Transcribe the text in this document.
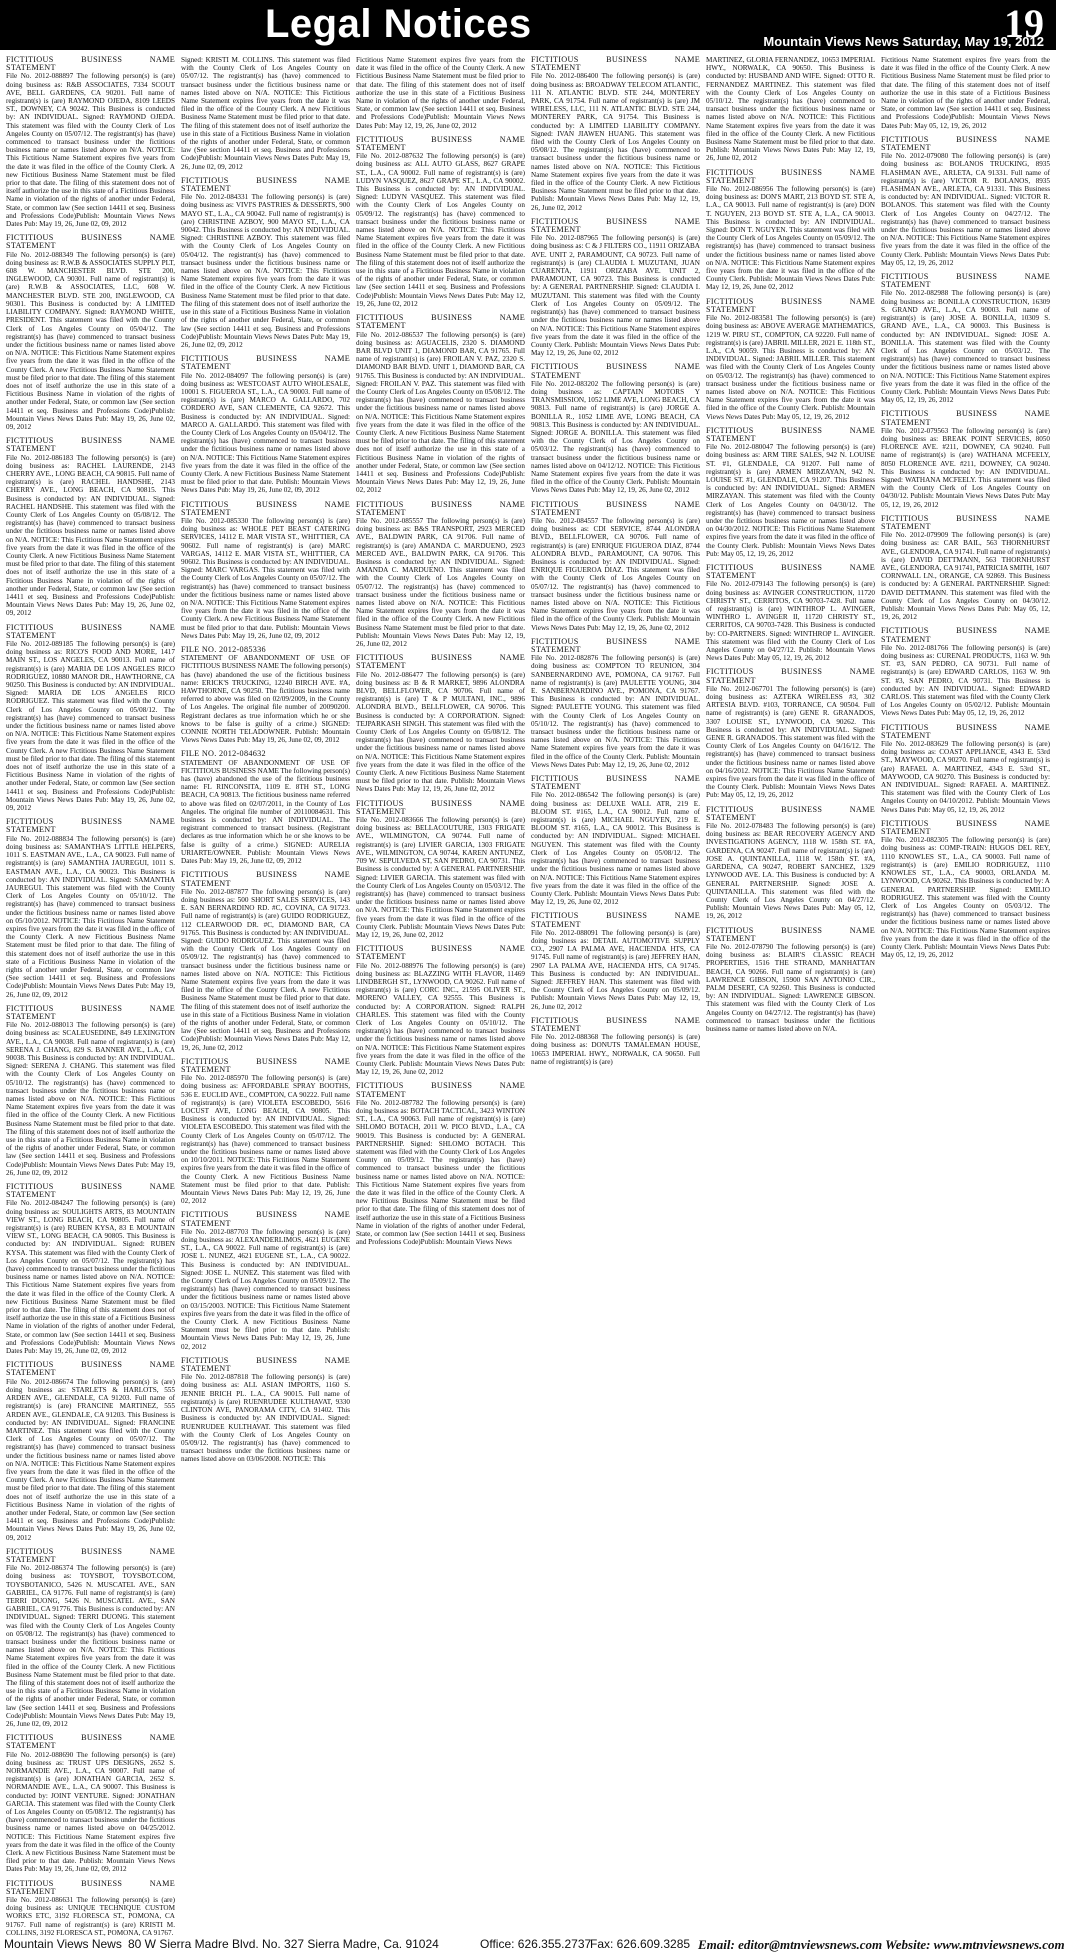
Legal Notices	19
Mountain Views News Saturday, May 19, 2012
FICTITIOUS BUSINESS NAME STATEMENT
File No. 2012-088897 The following person(s) is (are) doing business as: R&B ASSOCIATES, 7334 SCOUT AVE, BELL GARDENS, CA 90201. Full name of registrant(s) is (are) RAYMOND OJEDA, 8109 LEEDS ST., DOWNEY, CA 90242. This Business is conducted by: AN INDIVIDUAL. Signed: RAYMOND OJEDA. This statement was filed with the County Clerk of Los Angeles County on 05/07/12. The registrant(s) has (have) commenced to transact business under the fictitious business name or names listed above on N/A. NOTICE: This Fictitious Name Statement expires five years from the date it was filed in the office of the County Clerk. A new Fictitious Business Name Statement must be filed prior to that date. The filing of this statement does not of itself authorize the use in this state of a Fictitious Business Name in violation of the rights of another under Federal, State, or common law (See section 14411 et seq. Business and Professions Code)Publish: Mountain Views News Dates Pub: May 19, 26, June 02, 09, 2012
FICTITIOUS BUSINESS NAME STATEMENT
File No. 2012-088349 The following person(s) is (are) doing business as: R.W.B & ASSOCIATES SUPPLY PLT, 608 W. MANCHESTER BLVD. STE 200, INGLEWOOD, CA 90301. Full name of registrant(s) is (are) R.W.B & ASSOCIATES, LLC, 608 W. MANCHESTER BLVD. STE 200, INGLEWOOD, CA 90301. This Business is conducted by: A LIMITED LIABILITY COMPANY. Signed: RAYMOND WHITE, PRESIDENT. This statement was filed with the County Clerk of Los Angeles County on 05/04/12. The registrant(s) has (have) commenced to transact business under the fictitious business name or names listed above on N/A. NOTICE: This Fictitious Name Statement expires five years from the date it was filed in the office of the County Clerk. A new Fictitious Business Name Statement must be filed prior to that date. The filing of this statement does not of itself authorize the use in this state of a Fictitious Business Name in violation of the rights of another under Federal, State, or common law (See section 14411 et seq. Business and Professions Code)Publish: Mountain Views News Dates Pub: May 19, 26, June 02, 09, 2012
FICTITIOUS BUSINESS NAME STATEMENT
File No. 2012-086183 The following person(s) is (are) doing business as: RACHEL LAURENDE, 2143 CHERRY AVE., LONG BEACH, CA 90815. Full name of registrant(s) is (are) RACHEL HANDSHE, 2143 CHERRY AVE., LONG BEACH, CA 90815. This Business is conducted by: AN INDIVIDUAL. Signed: RACHEL HANDSHE. This statement was filed with the County Clerk of Los Angeles County on 05/08/12. The registrant(s) has (have) commenced to transact business under the fictitious business name or names listed above on N/A. NOTICE: This Fictitious Name Statement expires five years from the date it was filed in the office of the County Clerk. A new Fictitious Business Name Statement must be filed prior to that date. The filing of this statement does not of itself authorize the use in this state of a Fictitious Business Name in violation of the rights of another under Federal, State, or common law (See section 14411 et seq. Business and Professions Code)Publish: Mountain Views News Dates Pub: May 19, 26, June 02, 09, 2012
FICTITIOUS BUSINESS NAME STATEMENT
File No. 2012-089185 The following person(s) is (are) doing business as: RICO'S FOOD AND MORE, 1417 MAIN ST., LOS ANGELES, CA 90013. Full name of registrant(s) is (are) MARIA DE LOS ANGELES RICO RODRIGUEZ, 10880 MANOR DR., HAWTHORNE, CA 90250. This Business is conducted by: AN INDIVIDUAL. Signed: MARIA DE LOS ANGELES RICO RODRIGUEZ. This statement was filed with the County Clerk of Los Angeles County on 05/08/12. The registrant(s) has (have) commenced to transact business under the fictitious business name or names listed above on N/A. NOTICE: This Fictitious Name Statement expires five years from the date it was filed in the office of the County Clerk. A new Fictitious Business Name Statement must be filed prior to that date. The filing of this statement does not of itself authorize the use in this state of a Fictitious Business Name in violation of the rights of another under Federal, State, or common law (See section 14411 et seq. Business and Professions Code)Publish: Mountain Views News Dates Pub: May 19, 26, June 02, 09, 2012
FICTITIOUS BUSINESS NAME STATEMENT
File No. 2012-088834 The following person(s) is (are) doing business as: SAMANTHA'S LITTLE HELPERS, 1011 S. EASTMAN AVE., L.A., CA 90023. Full name of registrant(s) is (are) SAMANTHA JAUREGUI, 1011 S. EASTMAN AVE., L.A., CA 90023. This Business is conducted by: AN INDIVIDUAL. Signed: SAMANTHA JAUREGUI. This statement was filed with the County Clerk of Los Angeles County on 05/10/12. The registrant(s) has (have) commenced to transact business under the fictitious business name or names listed above on 05/10/2012. NOTICE: This Fictitious Name Statement expires five years from the date it was filed in the office of the County Clerk. A new Fictitious Business Name Statement must be filed prior to that date. The filing of this statement does not of itself authorize the use in this state of a Fictitious Business Name in violation of the rights of another under Federal, State, or common law (See section 14411 et seq. Business and Professions Code)Publish: Mountain Views News Dates Pub: May 19, 26, June 02, 09, 2012
FICTITIOUS BUSINESS NAME STATEMENT
File No. 2012-088013 The following person(s) is (are) doing business as: SCALEUSEDINE, 849 LEXINGTON AVE., L.A., CA 90038. Full name of registrant(s) is (are) SERENA J. CHANG, 829 S. BANNER AVE., L.A., CA 90038. This Business is conducted by: AN INDIVIDUAL. Signed: SERENA J. CHANG. This statement was filed with the County Clerk of Los Angeles County on 05/10/12. The registrant(s) has (have) commenced to transact business under the fictitious business name or names listed above on N/A. NOTICE: This Fictitious Name Statement expires five years from the date it was filed in the office of the County Clerk. A new Fictitious Business Name Statement must be filed prior to that date. The filing of this statement does not of itself authorize the use in this state of a Fictitious Business Name in violation of the rights of another under Federal, State, or common law (See section 14411 et seq. Business and Professions Code)Publish: Mountain Views News Dates Pub: May 19, 26, June 02, 09, 2012
FICTITIOUS BUSINESS NAME STATEMENT
File No. 2012-084247 The following person(s) is (are) doing business as: SOULIGHTS ARTS, 83 MOUNTAIN VIEW ST., LONG BEACH, CA 90805. Full name of registrant(s) is (are) RUBEN KYSA, 83 E MOUNTAIN VIEW ST., LONG BEACH, CA 90805. This Business is conducted by: AN INDIVIDUAL. Signed: RUBEN KYSA. This statement was filed with the County Clerk of Los Angeles County on 05/07/12. The registrant(s) has (have) commenced to transact business under the fictitious business name or names listed above on N/A. NOTICE: This Fictitious Name Statement expires five years from the date it was filed in the office of the County Clerk. A new Fictitious Business Name Statement must be filed prior to that date. The filing of this statement does not of itself authorize the use in this state of a Fictitious Business Name in violation of the rights of another under Federal, State, or common law (See section 14411 et seq. Business and Professions Code)Publish: Mountain Views News Dates Pub: May 19, 26, June 02, 09, 2012
FICTITIOUS BUSINESS NAME STATEMENT
File No. 2012-086674 The following person(s) is (are) doing business as: STARLETS & HARLOTS, 555 ARDEN AVE., GLENDALE, CA 91203. Full name of registrant(s) is (are) FRANCINE MARTINEZ, 555 ARDEN AVE., GLENDALE, CA 91203. This Business is conducted by: AN INDIVIDUAL. Signed: FRANCINE MARTINEZ. This statement was filed with the County Clerk of Los Angeles County on 05/07/12. The registrant(s) has (have) commenced to transact business under the fictitious business name or names listed above on N/A. NOTICE: This Fictitious Name Statement expires five years from the date it was filed in the office of the County Clerk. A new Fictitious Business Name Statement must be filed prior to that date. The filing of this statement does not of itself authorize the use in this state of a Fictitious Business Name in violation of the rights of another under Federal, State, or common law (See section 14411 et seq. Business and Professions Code)Publish: Mountain Views News Dates Pub: May 19, 26, June 02, 09, 2012
FICTITIOUS BUSINESS NAME STATEMENT
File No. 2012-086374 The following person(s) is (are) doing business as: TOYSBOT, TOYSBOT.COM, TOYSBOTANICO, 5426 N. MUSCATEL AVE., SAN GABRIEL, CA 91776. Full name of registrant(s) is (are) TERRI DUONG, 5426 N. MUSCATEL AVE., SAN GABRIEL, CA 91776. This Business is conducted by: AN INDIVIDUAL. Signed: TERRI DUONG. This statement was filed with the County Clerk of Los Angeles County on 05/08/12. The registrant(s) has (have) commenced to transact business under the fictitious business name or names listed above on N/A. NOTICE: This Fictitious Name Statement expires five years from the date it was filed in the office of the County Clerk. A new Fictitious Business Name Statement must be filed prior to that date. The filing of this statement does not of itself authorize the use in this state of a Fictitious Business Name in violation of the rights of another under Federal, State, or common law (See section 14411 et seq. Business and Professions Code)Publish: Mountain Views News Dates Pub: May 19, 26, June 02, 09, 2012
FICTITIOUS BUSINESS NAME STATEMENT
File No. 2012-088690 The following person(s) is (are) doing business as: TRUST UPS DESIGNS, 2652 S. NORMANDIE AVE., L.A., CA 90007. Full name of registrant(s) is (are) JONATHAN GARCIA, 2652 S. NORMANDIE AVE., L.A., CA 90007. This Business is conducted by: JOINT VENTURE. Signed: JONATHAN GARCIA. This statement was filed with the County Clerk of Los Angeles County on 05/08/12. The registrant(s) has (have) commenced to transact business under the fictitious business name or names listed above on 04/25/2012. NOTICE: This Fictitious Name Statement expires five years from the date it was filed in the office of the County Clerk. A new Fictitious Business Name Statement must be filed prior to that date. Publish: Mountain Views News Dates Pub: May 19, 26, June 02, 09, 2012
FICTITIOUS BUSINESS NAME STATEMENT
File No. 2012-086631 The following person(s) is (are) doing business as: UNIQUE TECHNIQUE CUSTOM WORKS ETC, 3192 FLORESCA ST., POMONA, CA 91767. Full name of registrant(s) is (are) KRISTI M. COLLINS, 3192 FLORESCA ST., POMONA, CA 91767.
Signed: KRISTI M. COLLINS. This statement was filed with the County Clerk of Los Angeles County on 05/07/12. The registrant(s) has (have) commenced to transact business under the fictitious business name or names listed above on N/A. NOTICE: This Fictitious Name Statement expires five years from the date it was filed in the office of the County Clerk. A new Fictitious Business Name Statement must be filed prior to that date. The filing of this statement does not of itself authorize the use in this state of a Fictitious Business Name in violation of the rights of another under Federal, State, or common law (See section 14411 et seq. Business and Professions Code)Publish: Mountain Views News Dates Pub: May 19, 26, June 02, 09, 2012
FICTITIOUS BUSINESS NAME STATEMENT
File No. 2012-084331 The following person(s) is (are) doing business as: VIVI'S PASTRIES & DESSERTS, 900 MAYO ST., L.A., CA 90042. Full name of registrant(s) is (are) CHRISTINE AZBOY, 900 MAYO ST., L.A., CA 90042. This Business is conducted by: AN INDIVIDUAL. Signed: CHRISTINE AZBOY. This statement was filed with the County Clerk of Los Angeles County on 05/04/12. The registrant(s) has (have) commenced to transact business under the fictitious business name or names listed above on N/A. NOTICE: This Fictitious Name Statement expires five years from the date it was filed in the office of the County Clerk. A new Fictitious Business Name Statement must be filed prior to that date. The filing of this statement does not of itself authorize the use in this state of a Fictitious Business Name in violation of the rights of another under Federal, State, or common law (See section 14411 et seq. Business and Professions Code)Publish: Mountain Views News Dates Pub: May 19, 26, June 02, 09, 2012
FICTITIOUS BUSINESS NAME STATEMENT
File No. 2012-084097 The following person(s) is (are) doing business as: WESTCOAST AUTO WHOLESALE, 10001 S. FIGUEROA ST., L.A., CA 90003. Full name of registrant(s) is (are) MARCO A. GALLARDO, 702 CORDERO AVE, SAN CLEMENTE, CA 92672. This Business is conducted by: AN INDIVIDUAL. Signed: MARCO A. GALLARDO. This statement was filed with the County Clerk of Los Angeles County on 05/04/12. The registrant(s) has (have) commenced to transact business under the fictitious business name or names listed above on N/A. NOTICE: This Fictitious Name Statement expires five years from the date it was filed in the office of the County Clerk. A new Fictitious Business Name Statement must be filed prior to that date. Publish: Mountain Views News Dates Pub: May 19, 26, June 02, 09, 2012
FICTITIOUS BUSINESS NAME STATEMENT
File No. 2012-085330 The following person(s) is (are) doing business as: WHOLE PET BEAST CATERING SERVICES, 14112 E. MAR VISTA ST., WHITTIER, CA 90602. Full name of registrant(s) is (are) MARC VARGAS, 14112 E. MAR VISTA ST., WHITTIER, CA 90602. This Business is conducted by: AN INDIVIDUAL. Signed: MARC VARGAS. This statement was filed with the County Clerk of Los Angeles County on 05/07/12. The registrant(s) has (have) commenced to transact business under the fictitious business name or names listed above on N/A. NOTICE: This Fictitious Name Statement expires five years from the date it was filed in the office of the County Clerk. A new Fictitious Business Name Statement must be filed prior to that date. Publish: Mountain Views News Dates Pub: May 19, 26, June 02, 09, 2012
FILE NO. 2012-085336
STATEMENT OF ABANDONMENT OF USE OF FICTITIOUS BUSINESS NAME The following person(s) has (have) abandoned the use of the fictitious business name: ERICK'S TRUCKING, 12240 BIRCH AVE. #A, HAWTHORNE, CA 90250. The fictitious business name referred to above was filed on 02/09/2009, in the County of Los Angeles. The original file number of 20090200. Registrant declares as true information which he or she knows to be false is guilty of a crime.) SIGNED: CONNIE NORTH TELADOWNER. Publish: Mountain Views News Dates Pub: May 19, 26, June 02, 09, 2012
FILE NO. 2012-084632
STATEMENT OF ABANDONMENT OF USE OF FICTITIOUS BUSINESS NAME The following person(s) has (have) abandoned the use of the fictitious business name: FL RINCONSITA, 1109 E. 8TH ST., LONG BEACH, CA 90813. The fictitious business name referred to above was filed on 02/07/2011, in the County of Los Angeles. The original file number of 20110084631. This business is conducted by: AN INDIVIDUAL. The registrant commenced to transact business. (Registrant declares as true information which he or she knows to be false is guilty of a crime.) SIGNED: AURELIA URIARTE/OWNER. Publish: Mountain Views News Dates Pub: May 19, 26, June 02, 09, 2012
FICTITIOUS BUSINESS NAME STATEMENT
File No. 2012-087877 The following person(s) is (are) doing business as: 500 SHORT SALES SERVICES, 143 E. SAN BERNARDINO RD. #C, COVINA, CA 91723. Full name of registrant(s) is (are) GUIDO RODRIGUEZ, 112 CLEARWOOD DR. #C, DIAMOND BAR, CA 91765. This Business is conducted by: AN INDIVIDUAL. Signed: GUIDO RODRIGUEZ. This statement was filed with the County Clerk of Los Angeles County on 05/09/12. The registrant(s) has (have) commenced to transact business under the fictitious business name or names listed above on N/A. NOTICE: This Fictitious Name Statement expires five years from the date it was filed in the office of the County Clerk. A new Fictitious Business Name Statement must be filed prior to that date. The filing of this statement does not of itself authorize the use in this state of a Fictitious Business Name in violation of the rights of another under Federal, State, or common law (See section 14411 et seq. Business and Professions Code)Publish: Mountain Views News Dates Pub: May 12, 19, 26, June 02, 2012
FICTITIOUS BUSINESS NAME STATEMENT
File No. 2012-085970 The following person(s) is (are) doing business as: AFFORDABLE SPRAY BOOTHS, 536 E. EUCLID AVE., COMPTON, CA 90222. Full name of registrant(s) is (are) VIOLETA ESCOBEDO, 5616 LOCUST AVE, LONG BEACH, CA 90805. This Business is conducted by: AN INDIVIDUAL. Signed: VIOLETA ESCOBEDO. This statement was filed with the County Clerk of Los Angeles County on 05/07/12. The registrant(s) has (have) commenced to transact business under the fictitious business name or names listed above on 10/10/2011. NOTICE: This Fictitious Name Statement expires five years from the date it was filed in the office of the County Clerk. A new Fictitious Business Name Statement must be filed prior to that date. Publish: Mountain Views News Dates Pub: May 12, 19, 26, June 02, 2012
FICTITIOUS BUSINESS NAME STATEMENT
File No. 2012-087703 The following person(s) is (are) doing business as: ALEXANDERLIMOS, 4621 EUGENE ST., L.A., CA 90022. Full name of registrant(s) is (are) JOSE L. NUNEZ, 4621 EUGENE ST., L.A., CA 90022. This Business is conducted by: AN INDIVIDUAL. Signed: JOSE L. NUNEZ. This statement was filed with the County Clerk of Los Angeles County on 05/09/12. The registrant(s) has (have) commenced to transact business under the fictitious business name or names listed above on 03/15/2003. NOTICE: This Fictitious Name Statement expires five years from the date it was filed in the office of the County Clerk. A new Fictitious Business Name Statement must be filed prior to that date. Publish: Mountain Views News Dates Pub: May 12, 19, 26, June 02, 2012
FICTITIOUS BUSINESS NAME STATEMENT
File No. 2012-087818 The following person(s) is (are) doing business as: ALL ASIAN IMPORTS, 1160 S. JENNIE BRICH PL. L.A., CA 90015. Full name of registrant(s) is (are) RUENRUDEE KULTHAVAT, 9330 CLINTON AVE, PANORAMA CITY, CA 91402. This Business is conducted by: AN INDIVIDUAL. Signed: RUENRUDEE KULTHAVAT. This statement was filed with the County Clerk of Los Angeles County on 05/09/12. The registrant(s) has (have) commenced to transact business under the fictitious business name or names listed above on 03/06/2008. NOTICE: This
Fictitious Name Statement expires five years from the date it was filed in the office of the County Clerk. A new Fictitious Business Name Statement must be filed prior to that date. The filing of this statement does not of itself authorize the use in this state of a Fictitious Business Name in violation of the rights of another under Federal, State, or common law (See section 14411 et seq. Business and Professions Code)Publish: Mountain Views News Dates Pub: May 12, 19, 26, June 02, 2012
FICTITIOUS BUSINESS NAME STATEMENT
File No. 2012-087632 The following person(s) is (are) doing business as: ALL AUTO GLASS, 8627 GRAPE ST., L.A., CA 90002. Full name of registrant(s) is (are) LUDYN VASQUEZ, 8627 GRAPE ST., L.A., CA 90002. This Business is conducted by: AN INDIVIDUAL. Signed: LUDYN VASQUEZ. This statement was filed with the County Clerk of Los Angeles County on 05/09/12. The registrant(s) has (have) commenced to transact business under the fictitious business name or names listed above on N/A. NOTICE: This Fictitious Name Statement expires five years from the date it was filed in the office of the County Clerk. A new Fictitious Business Name Statement must be filed prior to that date. The filing of this statement does not of itself authorize the use in this state of a Fictitious Business Name in violation of the rights of another under Federal, State, or common law (See section 14411 et seq. Business and Professions Code)Publish: Mountain Views News Dates Pub: May 12, 19, 26, June 02, 2012
FICTITIOUS BUSINESS NAME STATEMENT
File No. 2012-086537 The following person(s) is (are) doing business as: AGUACELIS, 2320 S. DIAMOND BAR BLVD UNIT 1, DIAMOND BAR, CA 91765. Full name of registrant(s) is (are) FROILAN V. PAZ, 2320 S. DIAMOND BAR BLVD. UNIT 1, DIAMOND BAR, CA 91765. This Business is conducted by: AN INDIVIDUAL. Signed: FROILAN V. PAZ. This statement was filed with the County Clerk of Los Angeles County on 05/08/12. The registrant(s) has (have) commenced to transact business under the fictitious business name or names listed above on N/A. NOTICE: This Fictitious Name Statement expires five years from the date it was filed in the office of the County Clerk. A new Fictitious Business Name Statement must be filed prior to that date. The filing of this statement does not of itself authorize the use in this state of a Fictitious Business Name in violation of the rights of another under Federal, State, or common law (See section 14411 et seq. Business and Professions Code)Publish: Mountain Views News Dates Pub: May 12, 19, 26, June 02, 2012
FICTITIOUS BUSINESS NAME STATEMENT
File No. 2012-085557 The following person(s) is (are) doing business as: B&S TRANSPORT, 2923 MERCED AVE., BALDWIN PARK, CA 91706. Full name of registrant(s) is (are) AMANDA C. MARDUENO, 2923 MERCED AVE., BALDWIN PARK, CA 91706. This Business is conducted by: AN INDIVIDUAL. Signed: AMANDA C. MARDUENO. This statement was filed with the County Clerk of Los Angeles County on 05/07/12. The registrant(s) has (have) commenced to transact business under the fictitious business name or names listed above on N/A. NOTICE: This Fictitious Name Statement expires five years from the date it was filed in the office of the County Clerk. A new Fictitious Business Name Statement must be filed prior to that date. Publish: Mountain Views News Dates Pub: May 12, 19, 26, June 02, 2012
FICTITIOUS BUSINESS NAME STATEMENT
File No. 2012-086477 The following person(s) is (are) doing business as: B & R MARKET, 9896 ALONDRA BLVD, BELLFLOWER, CA 90706. Full name of registrant(s) is (are) T & P MULTANI, INC., 9896 ALONDRA BLVD., BELLFLOWER, CA 90706. This Business is conducted by: A CORPORATION. Signed: TEJPARKASH SINGH. This statement was filed with the County Clerk of Los Angeles County on 05/08/12. The registrant(s) has (have) commenced to transact business under the fictitious business name or names listed above on N/A. NOTICE: This Fictitious Name Statement expires five years from the date it was filed in the office of the County Clerk. A new Fictitious Business Name Statement must be filed prior to that date. Publish: Mountain Views News Dates Pub: May 12, 19, 26, June 02, 2012
FICTITIOUS BUSINESS NAME STATEMENT
File No. 2012-083666 The following person(s) is (are) doing business as: BELLACOUTURE, 1303 FRIGATE AVE., WILMINGTON, CA 90744. Full name of registrant(s) is (are) LIVIER GARCIA, 1303 FRIGATE AVE., WILMINGTON, CA 90744, KAREN ANTUNEZ, 709 W. SEPULVEDA ST, SAN PEDRO, CA 90731. This Business is conducted by: A GENERAL PARTNERSHIP. Signed: LIVIER GARCIA. This statement was filed with the County Clerk of Los Angeles County on 05/03/12. The registrant(s) has (have) commenced to transact business under the fictitious business name or names listed above on N/A. NOTICE: This Fictitious Name Statement expires five years from the date it was filed in the office of the County Clerk. Publish: Mountain Views News Dates Pub: May 12, 19, 26, June 02, 2012
FICTITIOUS BUSINESS NAME STATEMENT
File No. 2012-088976 The following person(s) is (are) doing business as: BLAZZING WITH FLAVOR, 11469 LINDBERGH ST., LYNWOOD, CA 90262. Full name of registrant(s) is (are) CORC INC., 21595 OLIVER ST., MORENO VALLEY, CA 92555. This Business is conducted by: A CORPORATION. Signed: RALPH CHARLES. This statement was filed with the County Clerk of Los Angeles County on 05/10/12. The registrant(s) has (have) commenced to transact business under the fictitious business name or names listed above on N/A. NOTICE: This Fictitious Name Statement expires five years from the date it was filed in the office of the County Clerk. Publish: Mountain Views News Dates Pub: May 12, 19, 26, June 02, 2012
FICTITIOUS BUSINESS NAME STATEMENT
File No. 2012-087782 The following person(s) is (are) doing business as: BOTACH TACTICAL, 3423 WINTON ST., L.A., CA 90063. Full name of registrant(s) is (are) SHLOMO BOTACH, 2011 W. PICO BLVD., L.A., CA 90019. This Business is conducted by: A GENERAL PARTNERSHIP. Signed: SHLOMO BOTACH. This statement was filed with the County Clerk of Los Angeles County on 05/09/12. The registrant(s) has (have) commenced to transact business under the fictitious business name or names listed above on N/A. NOTICE: This Fictitious Name Statement expires five years from the date it was filed in the office of the County Clerk. A new Fictitious Business Name Statement must be filed prior to that date. The filing of this statement does not of itself authorize the use in this state of a Fictitious Business Name in violation of the rights of another under Federal, State, or common law (See section 14411 et seq. Business and Professions Code)Publish: Mountain Views News
FICTITIOUS BUSINESS NAME STATEMENT
File No. 2012-086400 The following person(s) is (are) doing business as: BROADWAY TELECOM ATLANTIC, 111 N. ATLANTIC BLVD. STE 244, MONTEREY PARK, CA 91754. Full name of registrant(s) is (are) JM WIRELESS, LLC, 111 N. ATLANTIC BLVD. STE 244, MONTEREY PARK, CA 91754. This Business is conducted by: A LIMITED LIABILITY COMPANY. Signed: IVAN JIAWEN HUANG. This statement was filed with the County Clerk of Los Angeles County on 05/08/12. The registrant(s) has (have) commenced to transact business under the fictitious business name or names listed above on N/A. NOTICE: This Fictitious Name Statement expires five years from the date it was filed in the office of the County Clerk. A new Fictitious Business Name Statement must be filed prior to that date. Publish: Mountain Views News Dates Pub: May 12, 19, 26, June 02, 2012
FICTITIOUS BUSINESS NAME STATEMENT
File No. 2012-087965 The following person(s) is (are) doing business as: C & J FILTERS CO., 11911 ORIZABA AVE. UNIT 2, PARAMOUNT, CA 90723. Full name of registrant(s) is (are) CLAUDIA I. MUZUTANI, JUAN CUARENTA, 11911 ORIZABA AVE. UNIT 2, PARAMOUNT, CA 90723. This Business is conducted by: A GENERAL PARTNERSHIP. Signed: CLAUDIA I. MUZUTANI. This statement was filed with the County Clerk of Los Angeles County on 05/09/12. The registrant(s) has (have) commenced to transact business under the fictitious business name or names listed above on N/A. NOTICE: This Fictitious Name Statement expires five years from the date it was filed in the office of the County Clerk. Publish: Mountain Views News Dates Pub: May 12, 19, 26, June 02, 2012
FICTITIOUS BUSINESS NAME STATEMENT
File No. 2012-083202 The following person(s) is (are) doing business as: CAPTAIN MOTORS Y TRANSMISSION, 1052 LIME AVE, LONG BEACH, CA 90813. Full name of registrant(s) is (are) JORGE A. BONILLA R., 1052 LIME AVE, LONG BEACH, CA 90813. This Business is conducted by: AN INDIVIDUAL. Signed: JORGE A. BONILLA. This statement was filed with the County Clerk of Los Angeles County on 05/03/12. The registrant(s) has (have) commenced to transact business under the fictitious business name or names listed above on 04/12/12. NOTICE: This Fictitious Name Statement expires five years from the date it was filed in the office of the County Clerk. Publish: Mountain Views News Dates Pub: May 12, 19, 26, June 02, 2012
FICTITIOUS BUSINESS NAME STATEMENT
File No. 2012-084557 The following person(s) is (are) doing business as: CDI SERVICE, 8744 ALONDRA BLVD., BELLFLOWER, CA 90706. Full name of registrant(s) is (are) ENRIQUE FIGUEROA DIAZ, 8744 ALONDRA BLVD., PARAMOUNT, CA 90706. This Business is conducted by: AN INDIVIDUAL. Signed: ENRIQUE FIGUEROA DIAZ. This statement was filed with the County Clerk of Los Angeles County on 05/07/12. The registrant(s) has (have) commenced to transact business under the fictitious business name or names listed above on N/A. NOTICE: This Fictitious Name Statement expires five years from the date it was filed in the office of the County Clerk. Publish: Mountain Views News Dates Pub: May 12, 19, 26, June 02, 2012
FICTITIOUS BUSINESS NAME STATEMENT
File No. 2012-082876 The following person(s) is (are) doing business as: COMPTON TO REUNION, 304 SANBERNARDINO AVE, POMONA, CA 91767. Full name of registrant(s) is (are) PAULETTE YOUNG, 304 E. SANBERNARDINO AVE., POMONA, CA 91767. This Business is conducted by: AN INDIVIDUAL. Signed: PAULETTE YOUNG. This statement was filed with the County Clerk of Los Angeles County on 05/10/12. The registrant(s) has (have) commenced to transact business under the fictitious business name or names listed above on N/A. NOTICE: This Fictitious Name Statement expires five years from the date it was filed in the office of the County Clerk. Publish: Mountain Views News Dates Pub: May 12, 19, 26, June 02, 2012
FICTITIOUS BUSINESS NAME STATEMENT
File No. 2012-086542 The following person(s) is (are) doing business as: DELUXE WALL ATR, 219 E. BLOOM ST. #165, L.A., CA 90012. Full name of registrant(s) is (are) MICHAEL NGUYEN, 219 E. BLOOM ST. #165, L.A., CA 90012. This Business is conducted by: AN INDIVIDUAL. Signed: MICHAEL NGUYEN. This statement was filed with the County Clerk of Los Angeles County on 05/08/12. The registrant(s) has (have) commenced to transact business under the fictitious business name or names listed above on N/A. NOTICE: This Fictitious Name Statement expires five years from the date it was filed in the office of the County Clerk. Publish: Mountain Views News Dates Pub: May 12, 19, 26, June 02, 2012
FICTITIOUS BUSINESS NAME STATEMENT
File No. 2012-088091 The following person(s) is (are) doing business as: DETAIL AUTOMOTIVE SUPPLY CO., 2907 LA PALMA AVE, HACIENDA HTS, CA 91745. Full name of registrant(s) is (are) JEFFREY HAN, 2907 LA PALMA AVE, HACIENDA HTS, CA 91745. This Business is conducted by: AN INDIVIDUAL. Signed: JEFFREY HAN. This statement was filed with the County Clerk of Los Angeles County on 05/09/12. Publish: Mountain Views News Dates Pub: May 12, 19, 26, June 02, 2012
FICTITIOUS BUSINESS NAME STATEMENT
File No. 2012-088368 The following person(s) is (are) doing business as: DONUTS TAMALEMAN HOUSE, 10653 IMPERIAL HWY., NORWALK, CA 90650. Full name of registrant(s) is (are)
MARTINEZ, GLORIA FERNANDEZ, 10653 IMPERIAL HWY., NORWALK, CA 90650. This Business is conducted by: HUSBAND AND WIFE. Signed: OTTO R. FERNANDEZ MARTINEZ. This statement was filed with the County Clerk of Los Angeles County on 05/10/12. The registrant(s) has (have) commenced to transact business under the fictitious business name or names listed above on N/A. NOTICE: This Fictitious Name Statement expires five years from the date it was filed in the office of the County Clerk. A new Fictitious Business Name Statement must be filed prior to that date. Publish: Mountain Views News Dates Pub: May 12, 19, 26, June 02, 2012
FICTITIOUS BUSINESS NAME STATEMENT
File No. 2012-086956 The following person(s) is (are) doing business as: DON'S MART, 213 BOYD ST. STE A, L.A., CA 90013. Full name of registrant(s) is (are) DON T. NGUYEN, 213 BOYD ST. STE A, L.A., CA 90013. This Business is conducted by: AN INDIVIDUAL. Signed: DON T. NGUYEN. This statement was filed with the County Clerk of Los Angeles County on 05/09/12. The registrant(s) has (have) commenced to transact business under the fictitious business name or names listed above on N/A. NOTICE: This Fictitious Name Statement expires five years from the date it was filed in the office of the County Clerk. Publish: Mountain Views News Dates Pub: May 12, 19, 26, June 02, 2012
FICTITIOUS BUSINESS NAME STATEMENT
File No. 2012-083581 The following person(s) is (are) doing business as: ABOVE AVERAGE MATHEMATICS, 1219 W. PIRU ST., COMPTON, CA 92220. Full name of registrant(s) is (are) JABRIL MILLER, 2021 E. 118th ST., L.A., CA 90059. This Business is conducted by: AN INDIVIDUAL. Signed: JABRIL MILLER. This statement was filed with the County Clerk of Los Angeles County on 05/03/12. The registrant(s) has (have) commenced to transact business under the fictitious business name or names listed above on N/A. NOTICE: This Fictitious Name Statement expires five years from the date it was filed in the office of the County Clerk. Publish: Mountain Views News Dates Pub: May 05, 12, 19, 26, 2012
FICTITIOUS BUSINESS NAME STATEMENT
File No. 2012-080047 The following person(s) is (are) doing business as: ARM TIRE SALES, 942 N. LOUISE ST. #1, GLENDALE, CA 91207. Full name of registrant(s) is (are) ARMEN MIRZAYAN, 942 N. LOUISE ST. #1, GLENDALE, CA 91207. This Business is conducted by: AN INDIVIDUAL. Signed: ARMEN MIRZAYAN. This statement was filed with the County Clerk of Los Angeles County on 04/30/12. The registrant(s) has (have) commenced to transact business under the fictitious business name or names listed above on 04/30/2012. NOTICE: This Fictitious Name Statement expires five years from the date it was filed in the office of the County Clerk. Publish: Mountain Views News Dates Pub: May 05, 12, 19, 26, 2012
FICTITIOUS BUSINESS NAME STATEMENT
File No. 2012-079143 The following person(s) is (are) doing business as: AVINGER CONSTRUCTION, 11720 CHRISTY ST., CERRITOS, CA 90703-7428. Full name of registrant(s) is (are) WINTHROP L. AVINGER, WINTHRO L. AVINGER II, 11720 CHRISTY ST., CERRITOS, CA 90703-7428. This Business is conducted by: CO-PARTNERS. Signed: WINTHROP L. AVINGER. This statement was filed with the County Clerk of Los Angeles County on 04/27/12. Publish: Mountain Views News Dates Pub: May 05, 12, 19, 26, 2012
FICTITIOUS BUSINESS NAME STATEMENT
File No. 2012-067701 The following person(s) is (are) doing business as: AZTEKA WIRELESS #3, 302 ARTESIA BLVD. #103, TORRANCE, CA 90504. Full name of registrant(s) is (are) GENE R. GRANADOS, 3307 LOUISE ST., LYNWOOD, CA 90262. This Business is conducted by: AN INDIVIDUAL. Signed: GENE R. GRANADOS. This statement was filed with the County Clerk of Los Angeles County on 04/16/12. The registrant(s) has (have) commenced to transact business under the fictitious business name or names listed above on 04/16/2012. NOTICE: This Fictitious Name Statement expires five years from the date it was filed in the office of the County Clerk. Publish: Mountain Views News Dates Pub: May 05, 12, 19, 26, 2012
FICTITIOUS BUSINESS NAME STATEMENT
File No. 2012-078483 The following person(s) is (are) doing business as: BEAR RECOVERY AGENCY AND INVESTIGATIONS AGENCY, 1118 W. 158th ST. #A, GARDENA, CA 90247. Full name of registrant(s) is (are) JOSE A. QUINTANILLA, 1118 W. 158th ST. #A, GARDENA, CA 90247, ROBERT SANCHEZ, 1329 LYNWOOD AVE. LA. This Business is conducted by: A GENERAL PARTNERSHIP. Signed: JOSE A. QUINTANILLA. This statement was filed with the County Clerk of Los Angeles County on 04/27/12. Publish: Mountain Views News Dates Pub: May 05, 12, 19, 26, 2012
FICTITIOUS BUSINESS NAME STATEMENT
File No. 2012-078790 The following person(s) is (are) doing business as: BLAIR'S CLASSIC REACH PROPERTIES, 1516 THE STRAND, MANHATTAN BEACH, CA 90266. Full name of registrant(s) is (are) LAWRENCE GIBSON, 15900 SAN ANTONIO CIR., PALM DESERT, CA 92260. This Business is conducted by: AN INDIVIDUAL. Signed: LAWRENCE GIBSON. This statement was filed with the County Clerk of Los Angeles County on 04/27/12. The registrant(s) has (have) commenced to transact business under the fictitious business name or names listed above on N/A.
Fictitious Name Statement expires five years from the date it was filed in the office of the County Clerk. A new Fictitious Business Name Statement must be filed prior to that date. The filing of this statement does not of itself authorize the use in this state of a Fictitious Business Name in violation of the rights of another under Federal, State, or common law (See section 14411 et seq. Business and Professions Code)Publish: Mountain Views News Dates Pub: May 05, 12, 19, 26, 2012
FICTITIOUS BUSINESS NAME STATEMENT
File No. 2012-079080 The following person(s) is (are) doing business as: BOLANOS TRUCKING, 8935 FLASHMAN AVE., ARLETA, CA 91331. Full name of registrant(s) is (are) VICTOR R. BOLANOS, 8935 FLASHMAN AVE., ARLETA, CA 91331. This Business is conducted by: AN INDIVIDUAL. Signed: VICTOR R. BOLANOS. This statement was filed with the County Clerk of Los Angeles County on 04/27/12. The registrant(s) has (have) commenced to transact business under the fictitious business name or names listed above on N/A. NOTICE: This Fictitious Name Statement expires five years from the date it was filed in the office of the County Clerk. Publish: Mountain Views News Dates Pub: May 05, 12, 19, 26, 2012
FICTITIOUS BUSINESS NAME STATEMENT
File No. 2012-082988 The following person(s) is (are) doing business as: BONILLA CONSTRUCTION, 16309 S. GRAND AVE., L.A., CA 90003. Full name of registrant(s) is (are) JOSE A. BONILLA, 10309 S. GRAND AVE., L.A., CA 90003. This Business is conducted by: AN INDIVIDUAL. Signed: JOSE A. BONILLA. This statement was filed with the County Clerk of Los Angeles County on 05/03/12. The registrant(s) has (have) commenced to transact business under the fictitious business name or names listed above on N/A. NOTICE: This Fictitious Name Statement expires five years from the date it was filed in the office of the County Clerk. Publish: Mountain Views News Dates Pub: May 05, 12, 19, 26, 2012
FICTITIOUS BUSINESS NAME STATEMENT
File No. 2012-079563 The following person(s) is (are) doing business as: BREAK POINT SERVICES, 8050 FLORENCE AVE. #211, DOWNEY, CA 90240. Full name of registrant(s) is (are) WATHANA MCFEELY, 8050 FLORENCE AVE. #211, DOWNEY, CA 90240. This Business is conducted by: AN INDIVIDUAL. Signed: WATHANA MCFEELY. This statement was filed with the County Clerk of Los Angeles County on 04/30/12. Publish: Mountain Views News Dates Pub: May 05, 12, 19, 26, 2012
FICTITIOUS BUSINESS NAME STATEMENT
File No. 2012-079909 The following person(s) is (are) doing business as: CAR BAIL, 563 THORNHURST AVE., GLENDORA, CA 91741. Full name of registrant(s) is (are) DAVID DETTMANN, 563 THORNHURST AVE., GLENDORA, CA 91741, PATRICIA SMITH, 1607 CORNWALL LN., ORANGE, CA 92869. This Business is conducted by: A GENERAL PARTNERSHIP. Signed: DAVID DETTMANN. This statement was filed with the County Clerk of Los Angeles County on 04/30/12. Publish: Mountain Views News Dates Pub: May 05, 12, 19, 26, 2012
FICTITIOUS BUSINESS NAME STATEMENT
File No. 2012-081766 The following person(s) is (are) doing business as: CURENAL PRODUCTS, 1163 W. 9th ST. #3, SAN PEDRO, CA 90731. Full name of registrant(s) is (are) EDWARD CARLOS, 1163 W. 9th ST. #3, SAN PEDRO, CA 90731. This Business is conducted by: AN INDIVIDUAL. Signed: EDWARD CARLOS. This statement was filed with the County Clerk of Los Angeles County on 05/02/12. Publish: Mountain Views News Dates Pub: May 05, 12, 19, 26, 2012
FICTITIOUS BUSINESS NAME STATEMENT
File No. 2012-083629 The following person(s) is (are) doing business as: COAST APPLIANCE, 4343 E. 53rd ST., MAYWOOD, CA 90270. Full name of registrant(s) is (are) RAFAEL A. MARTINEZ, 4343 E. 53rd ST., MAYWOOD, CA 90270. This Business is conducted by: AN INDIVIDUAL. Signed: RAFAEL A. MARTINEZ. This statement was filed with the County Clerk of Los Angeles County on 04/10/2012. Publish: Mountain Views News Dates Pub: May 05, 12, 19, 26, 2012
FICTITIOUS BUSINESS NAME STATEMENT
File No. 2012-082305 The following person(s) is (are) doing business as: COMP-TRAIN: HUGOS DEL REY, 1110 KNOWLES ST., L.A., CA 90003. Full name of registrant(s) is (are) EMILIO RODRIGUEZ, 1110 KNOWLES ST., L.A., CA 90003, ORLANDA M. LYNWOOD, CA 90262. This Business is conducted by: A GENERAL PARTNERSHIP. Signed: EMILIO RODRIGUEZ. This statement was filed with the County Clerk of Los Angeles County on 05/03/12. The registrant(s) has (have) commenced to transact business under the fictitious business name or names listed above on N/A. NOTICE: This Fictitious Name Statement expires five years from the date it was filed in the office of the County Clerk. Publish: Mountain Views News Dates Pub: May 05, 12, 19, 26, 2012
Mountain Views News 80 W Sierra Madre Blvd. No. 327 Sierra Madre, Ca. 91024	Office: 626.355.2737
Fax: 626.609.3285 Email: editor@mtnviewsnews.com Website: www.mtnviewsnews.com
